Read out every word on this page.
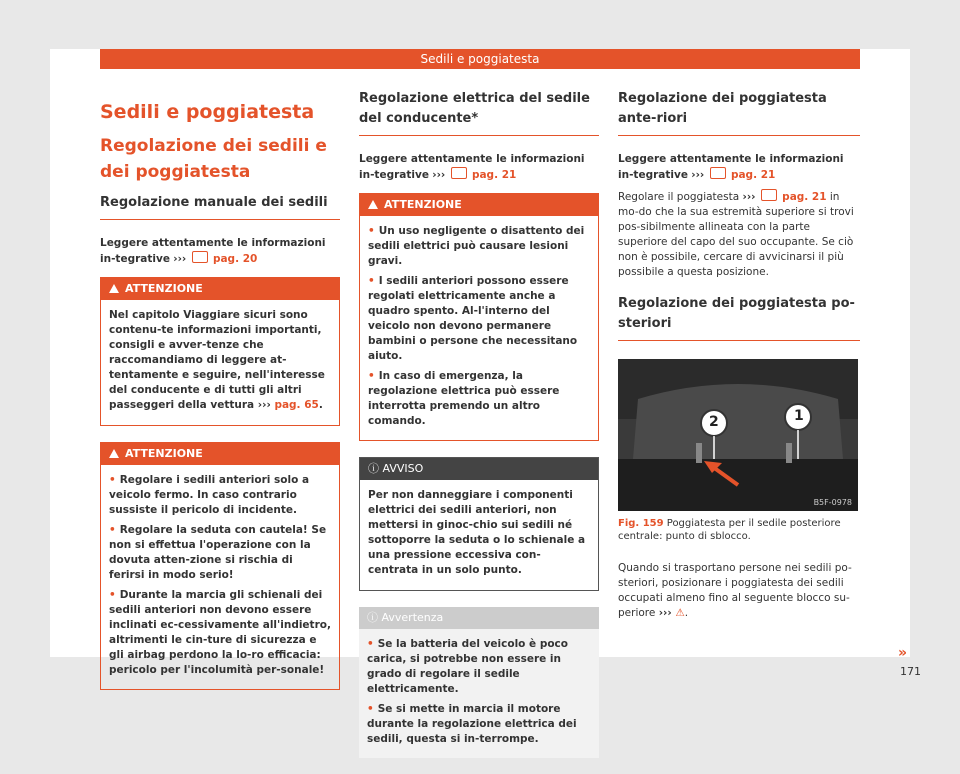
Sedili e poggiatesta
Sedili e poggiatesta
Regolazione dei sedili e dei poggiatesta
Regolazione manuale dei sedili

Leggere attentamente le informazioni in-tegrative ›››	pag. 20

ATTENZIONE

Nel capitolo Viaggiare sicuri sono contenu-te informazioni importanti, consigli e avver-tenze che raccomandiamo di leggere at-tentamente e seguire, nell'interesse del conducente e di tutti gli altri passeggeri della vettura ››› pag. 65.

ATTENZIONE
• Regolare i sedili anteriori solo a veicolo fermo. In caso contrario sussiste il pericolo di incidente.
• Regolare la seduta con cautela! Se non si effettua l'operazione con la dovuta atten-zione si rischia di ferirsi in modo serio!
• Durante la marcia gli schienali dei sedili anteriori non devono essere inclinati ec-cessivamente all'indietro, altrimenti le cin-ture di sicurezza e gli airbag perdono la lo-ro efficacia: pericolo per l'incolumità per-sonale!
Regolazione elettrica del sedile del conducente*

Leggere attentamente le informazioni in-tegrative ›››	pag. 21

ATTENZIONE
• Un uso negligente o disattento dei sedili elettrici può causare lesioni gravi.
• I sedili anteriori possono essere regolati elettricamente anche a quadro spento. Al-l'interno del veicolo non devono permanere bambini o persone che necessitano aiuto.
• In caso di emergenza, la regolazione elettrica può essere interrotta premendo un altro comando.
ⓘ AVVISO

Per non danneggiare i componenti elettrici dei sedili anteriori, non mettersi in ginoc-chio sui sedili né sottoporre la seduta o lo schienale a una pressione eccessiva con-centrata in un solo punto.

ⓘ Avvertenza
• Se la batteria del veicolo è poco carica, si potrebbe non essere in grado di regolare il sedile elettricamente.
• Se si mette in marcia il motore durante la regolazione elettrica dei sedili, questa si in-terrompe.
Regolazione dei poggiatesta ante-riori

Leggere attentamente le informazioni in-tegrative ›››	pag. 21

Regolare il poggiatesta ›››	pag. 21 in mo-do che la sua estremità superiore si trovi pos-sibilmente allineata con la parte superiore del capo del suo occupante. Se ciò non è possibile, cercare di avvicinarsi il più possibile a questa posizione.

Regolazione dei poggiatesta po-steriori
2	1
B5F-0978

Fig. 159 Poggiatesta per il sedile posteriore centrale: punto di sblocco.

Quando si trasportano persone nei sedili po-steriori, posizionare i poggiatesta dei sedili occupati almeno fino al seguente blocco su-periore ››› ⚠.

»
171
